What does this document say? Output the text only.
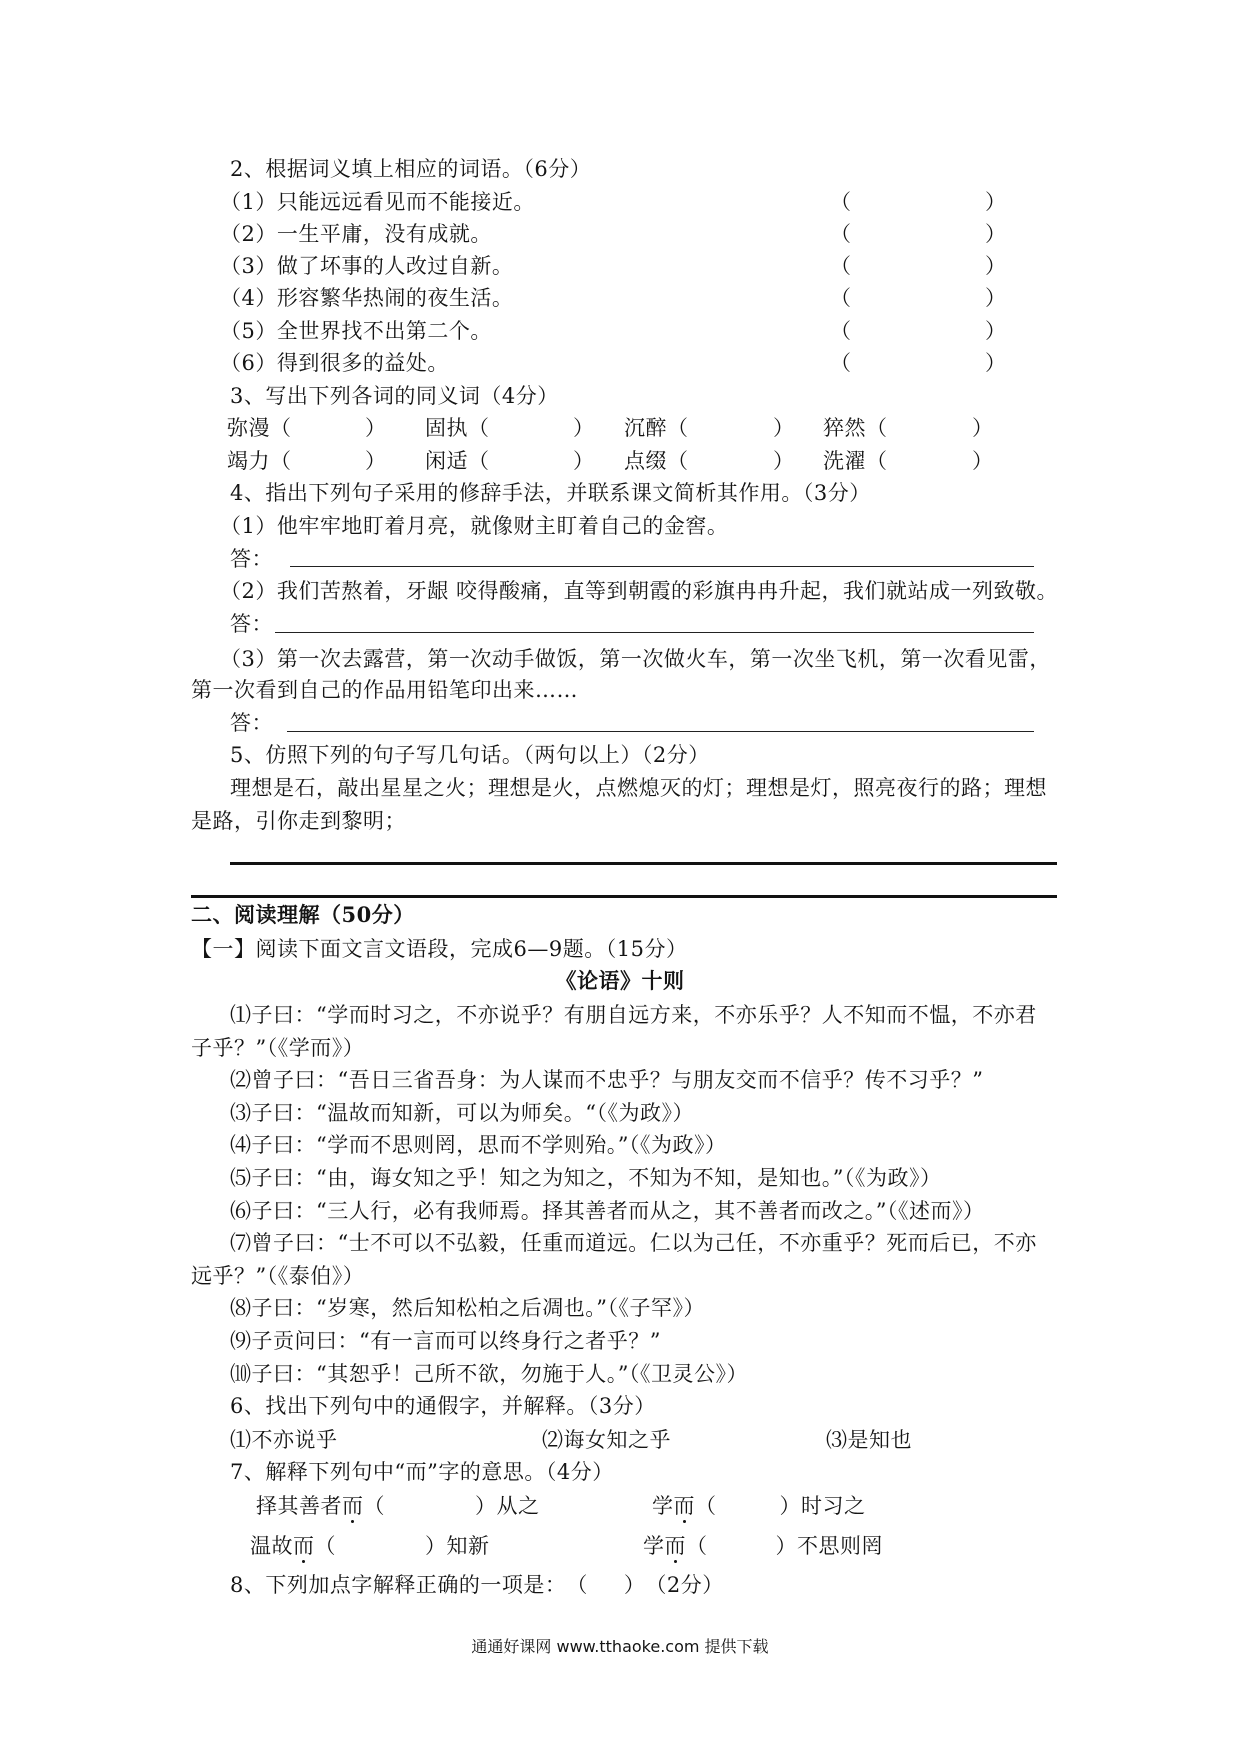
2、根据词义填上相应的词语。（6分）
（1）只能远远看见而不能接近。	（	）
（2）一生平庸，没有成就。	（	）
（3）做了坏事的人改过自新。	（	）
（4）形容繁华热闹的夜生活。	（	）
（5）全世界找不出第二个。	（	）
（6）得到很多的益处。	（	）
3、写出下列各词的同义词（4分）
弥漫（	） 固执（	） 沉醉（	） 猝然（	）
竭力（	） 闲适（	） 点缀（	） 洗濯（	）
4、指出下列句子采用的修辞手法，并联系课文简析其作用。（3分）
（1）他牢牢地盯着月亮，就像财主盯着自己的金窖。
答：
（2）我们苦熬着，牙龈 咬得酸痛，直等到朝霞的彩旗冉冉升起，我们就站成一列致敬。
答：
（3）第一次去露营，第一次动手做饭，第一次做火车，第一次坐飞机，第一次看见雷，
第一次看到自己的作品用铅笔印出来……
答：
5、仿照下列的句子写几句话。（两句以上）（2分）
理想是石，敲出星星之火；理想是火，点燃熄灭的灯；理想是灯，照亮夜行的路；理想
是路，引你走到黎明；
二、阅读理解（50分）
【一】阅读下面文言文语段，完成6—9题。（15分）
《论语》十则
⑴子曰：“学而时习之，不亦说乎？有朋自远方来，不亦乐乎？人不知而不愠，不亦君
子乎？”（《学而》）
⑵曾子曰：“吾日三省吾身：为人谋而不忠乎？与朋友交而不信乎？传不习乎？”
⑶子曰：“温故而知新，可以为师矣。“（《为政》）
⑷子曰：“学而不思则罔，思而不学则殆。”（《为政》）
⑸子曰：“由，诲女知之乎！知之为知之，不知为不知，是知也。”（《为政》）
⑹子曰：“三人行，必有我师焉。择其善者而从之，其不善者而改之。”（《述而》）
⑺曾子曰：“士不可以不弘毅，任重而道远。仁以为己任，不亦重乎？死而后已，不亦
远乎？”（《泰伯》）
⑻子曰：“岁寒，然后知松柏之后凋也。”（《子罕》）
⑼子贡问曰：“有一言而可以终身行之者乎？”
⑽子曰：“其恕乎！己所不欲，勿施于人。”（《卫灵公》）
6、找出下列句中的通假字，并解释。（3分）
⑴不亦说乎	⑵诲女知之乎	⑶是知也
7、解释下列句中“而”字的意思。（4分）
择其善者 而 （	） 从之	学 而 （	） 时习之
温故 而 （	） 知新	学 而 （	） 不思则罔
8、下列加点字解释正确的一项是： （ ） （2分）
通通好课网 www.tthaoke.com 提供下载
